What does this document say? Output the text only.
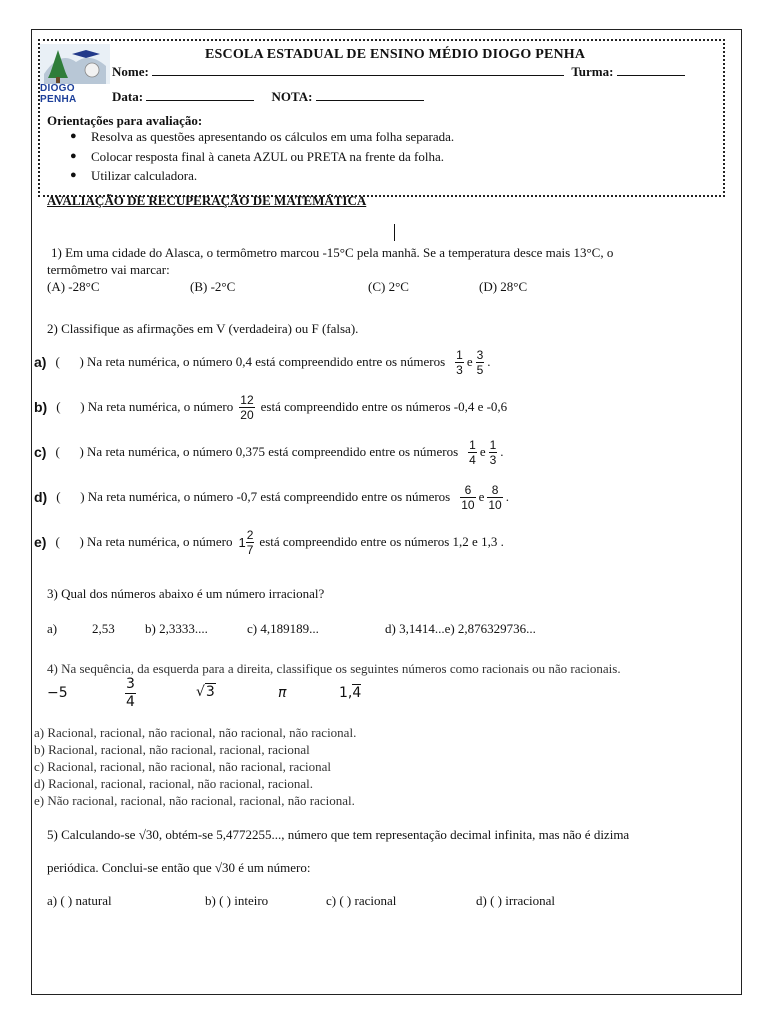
DIOGO PENHA
ESCOLA ESTADUAL DE ENSINO MÉDIO DIOGO PENHA
Nome:	Turma:
Data:	NOTA:
Orientações para avaliação:
● Resolva as questões apresentando os cálculos em uma folha separada.
● Colocar resposta final à caneta AZUL ou PRETA na frente da folha.
● Utilizar calculadora.
AVALIAÇÃO DE RECUPERAÇÃO DE MATEMÁTICA
1) Em uma cidade do Alasca, o termômetro marcou -15°C pela manhã. Se a temperatura desce mais 13°C, o
termômetro vai marcar:
(A) -28°C	(B) -2°C	(C) 2°C	(D) 28°C
2) Classifique as afirmações em V (verdadeira) ou F (falsa).
a) (	) Na reta numérica, o número 0,4 está compreendido entre os números $\frac{1}{3}$ e $\frac{3}{5}$ .
b) (	) Na reta numérica, o número $\frac{12}{20}$ está compreendido entre os números -0,4 e -0,6
c) (	) Na reta numérica, o número 0,375 está compreendido entre os números $\frac{1}{4}$ e $\frac{1}{3}$ .
d) (	) Na reta numérica, o número -0,7 está compreendido entre os números $\frac{6}{10}$ e $\frac{8}{10}$ .
e) (	) Na reta numérica, o número $1 \frac{2}{7}$ está compreendido entre os números 1,2 e 1,3 .
3) Qual dos números abaixo é um número irracional?
a)	2,53 b) 2,3333....	c) 4,189189...	d) 3,1414...e) 2,876329736...
4) Na sequência, da esquerda para a direita, classifique os seguintes números como racionais ou não racionais.
−5	$\frac{3}{4}$	√3	π	1,4
a) Racional, racional, não racional, não racional, não racional.
b) Racional, racional, não racional, racional, racional
c) Racional, racional, não racional, não racional, racional
d) Racional, racional, racional, não racional, racional.
e) Não racional, racional, não racional, racional, não racional.
5) Calculando-se √30, obtém-se 5,4772255..., número que tem representação decimal infinita, mas não é dizima
periódica. Conclui-se então que √30 é um número:
a) ( ) natural	b) ( ) inteiro	c) ( ) racional	d) ( ) irracional
